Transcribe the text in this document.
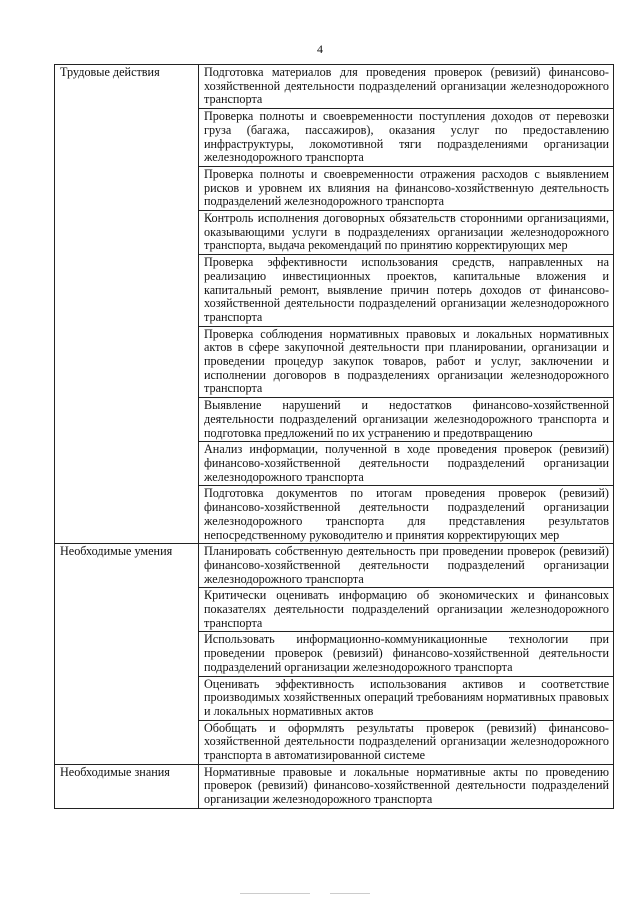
4
Трудовые действия	Подготовка материалов для проведения проверок (ревизий) финансово-хозяйственной деятельности подразделений организации железнодорожного транспорта
	Проверка полноты и своевременности поступления доходов от перевозки груза (багажа, пассажиров), оказания услуг по предоставлению инфраструктуры, локомотивной тяги подразделениями организации железнодорожного транспорта
	Проверка полноты и своевременности отражения расходов с выявлением рисков и уровнем их влияния на финансово-хозяйственную деятельность подразделений железнодорожного транспорта
	Контроль исполнения договорных обязательств сторонними организациями, оказывающими услуги в подразделениях организации железнодорожного транспорта, выдача рекомендаций по принятию корректирующих мер
	Проверка эффективности использования средств, направленных на реализацию инвестиционных проектов, капитальные вложения и капитальный ремонт, выявление причин потерь доходов от финансово-хозяйственной деятельности подразделений организации железнодорожного транспорта
	Проверка соблюдения нормативных правовых и локальных нормативных актов в сфере закупочной деятельности при планировании, организации и проведении процедур закупок товаров, работ и услуг, заключении и исполнении договоров в подразделениях организации железнодорожного транспорта
	Выявление нарушений и недостатков финансово-хозяйственной деятельности подразделений организации железнодорожного транспорта и подготовка предложений по их устранению и предотвращению
	Анализ информации, полученной в ходе проведения проверок (ревизий) финансово-хозяйственной деятельности подразделений организации железнодорожного транспорта
	Подготовка документов по итогам проведения проверок (ревизий) финансово-хозяйственной деятельности подразделений организации железнодорожного транспорта для представления результатов непосредственному руководителю и принятия корректирующих мер
Необходимые умения	Планировать собственную деятельность при проведении проверок (ревизий) финансово-хозяйственной деятельности подразделений организации железнодорожного транспорта
	Критически оценивать информацию об экономических и финансовых показателях деятельности подразделений организации железнодорожного транспорта
	Использовать информационно-коммуникационные технологии при проведении проверок (ревизий) финансово-хозяйственной деятельности подразделений организации железнодорожного транспорта
	Оценивать эффективность использования активов и соответствие производимых хозяйственных операций требованиям нормативных правовых и локальных нормативных актов
	Обобщать и оформлять результаты проверок (ревизий) финансово-хозяйственной деятельности подразделений организации железнодорожного транспорта в автоматизированной системе
Необходимые знания	Нормативные правовые и локальные нормативные акты по проведению проверок (ревизий) финансово-хозяйственной деятельности подразделений организации железнодорожного транспорта
